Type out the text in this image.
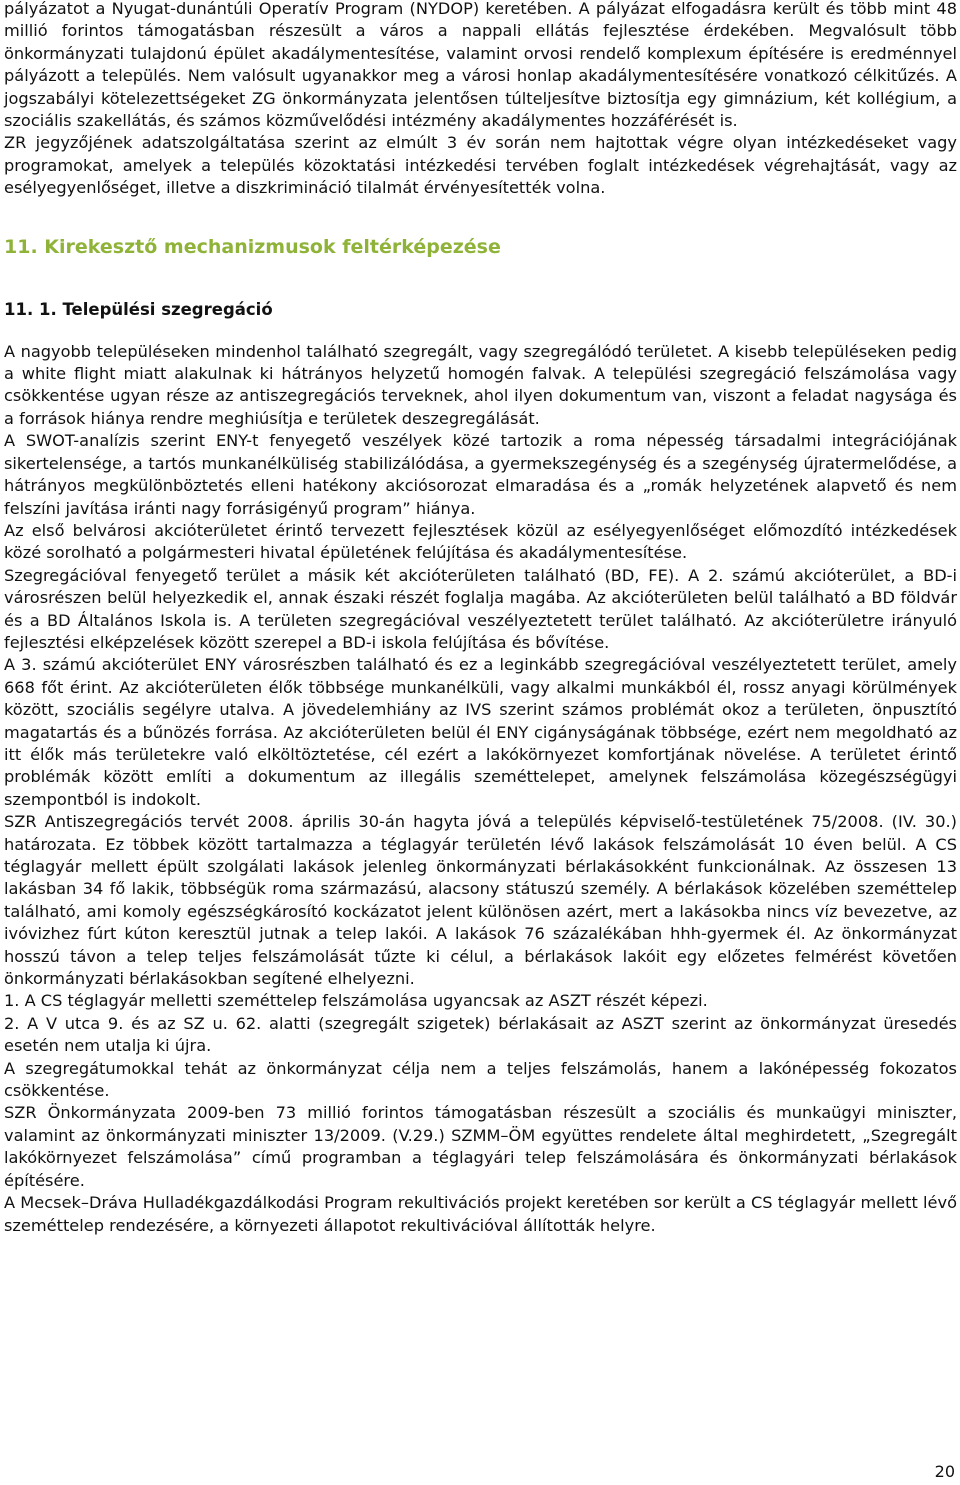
pályázatot a Nyugat-dunántúli Operatív Program (NYDOP) keretében. A pályázat elfogadásra került és több mint 48 millió forintos támogatásban részesült a város a nappali ellátás fejlesztése érdekében. Megvalósult több önkormányzati tulajdonú épület akadálymentesítése, valamint orvosi rendelő komplexum építésére is eredménnyel pályázott a település. Nem valósult ugyanakkor meg a városi honlap akadálymentesítésére vonatkozó célkitűzés. A jogszabályi kötelezettségeket ZG önkormányzata jelentősen túlteljesítve biztosítja egy gimnázium, két kollégium, a szociális szakellátás, és számos közművelődési intézmény akadálymentes hozzáférését is.

ZR jegyzőjének adatszolgáltatása szerint az elmúlt 3 év során nem hajtottak végre olyan intézkedéseket vagy programokat, amelyek a település közoktatási intézkedési tervében foglalt intézkedések végrehajtását, vagy az esélyegyenlőséget, illetve a diszkrimináció tilalmát érvényesítették volna.

11. Kirekesztő mechanizmusok feltérképezése
11. 1. Települési szegregáció

A nagyobb településeken mindenhol található szegregált, vagy szegregálódó területet. A kisebb településeken pedig a white flight miatt alakulnak ki hátrányos helyzetű homogén falvak. A települési szegregáció felszámolása vagy csökkentése ugyan része az antiszegregációs terveknek, ahol ilyen dokumentum van, viszont a feladat nagysága és a források hiánya rendre meghiúsítja e területek deszegregálását.

A SWOT-analízis szerint ENY-t fenyegető veszélyek közé tartozik a roma népesség társadalmi integrációjának sikertelensége, a tartós munkanélküliség stabilizálódása, a gyermekszegénység és a szegénység újratermelődése, a hátrányos megkülönböztetés elleni hatékony akciósorozat elmaradása és a „romák helyzetének alapvető és nem felszíni javítása iránti nagy forrásigényű program” hiánya.

Az első belvárosi akcióterületet érintő tervezett fejlesztések közül az esélyegyenlőséget előmozdító intézkedések közé sorolható a polgármesteri hivatal épületének felújítása és akadálymentesítése.

Szegregációval fenyegető terület a másik két akcióterületen található (BD, FE). A 2. számú akcióterület, a BD-i városrészen belül helyezkedik el, annak északi részét foglalja magába. Az akcióterületen belül található a BD földvár és a BD Általános Iskola is. A területen szegregációval veszélyeztetett terület található. Az akcióterületre irányuló fejlesztési elképzelések között szerepel a BD-i iskola felújítása és bővítése.

A 3. számú akcióterület ENY városrészben található és ez a leginkább szegregációval veszélyeztetett terület, amely 668 főt érint. Az akcióterületen élők többsége munkanélküli, vagy alkalmi munkákból él, rossz anyagi körülmények között, szociális segélyre utalva. A jövedelemhiány az IVS szerint számos problémát okoz a területen, önpusztító magatartás és a bűnözés forrása. Az akcióterületen belül él ENY cigányságának többsége, ezért nem megoldható az itt élők más területekre való elköltöztetése, cél ezért a lakókörnyezet komfortjának növelése. A területet érintő problémák között említi a dokumentum az illegális szeméttelepet, amelynek felszámolása közegészségügyi szempontból is indokolt.

SZR Antiszegregációs tervét 2008. április 30-án hagyta jóvá a település képviselő-testületének 75/2008. (IV. 30.) határozata. Ez többek között tartalmazza a téglagyár területén lévő lakások felszámolását 10 éven belül. A CS téglagyár mellett épült szolgálati lakások jelenleg önkormányzati bérlakásokként funkcionálnak. Az összesen 13 lakásban 34 fő lakik, többségük roma származású, alacsony státuszú személy. A bérlakások közelében szeméttelep található, ami komoly egészségkárosító kockázatot jelent különösen azért, mert a lakásokba nincs víz bevezetve, az ivóvizhez fúrt kúton keresztül jutnak a telep lakói. A lakások 76 százalékában hhh-gyermek él. Az önkormányzat hosszú távon a telep teljes felszámolását tűzte ki célul, a bérlakások lakóit egy előzetes felmérést követően önkormányzati bérlakásokban segítené elhelyezni.

1. A CS téglagyár melletti szeméttelep felszámolása ugyancsak az ASZT részét képezi.

2. A V utca 9. és az SZ u. 62. alatti (szegregált szigetek) bérlakásait az ASZT szerint az önkormányzat üresedés esetén nem utalja ki újra.

A szegregátumokkal tehát az önkormányzat célja nem a teljes felszámolás, hanem a lakónépesség fokozatos csökkentése.

SZR Önkormányzata 2009-ben 73 millió forintos támogatásban részesült a szociális és munkaügyi miniszter, valamint az önkormányzati miniszter 13/2009. (V.29.) SZMM–ÖM együttes rendelete által meghirdetett, „Szegregált lakókörnyezet felszámolása” című programban a téglagyári telep felszámolására és önkormányzati bérlakások építésére.

A Mecsek–Dráva Hulladékgazdálkodási Program rekultivációs projekt keretében sor került a CS téglagyár mellett lévő szeméttelep rendezésére, a környezeti állapotot rekultivációval állították helyre.

20
